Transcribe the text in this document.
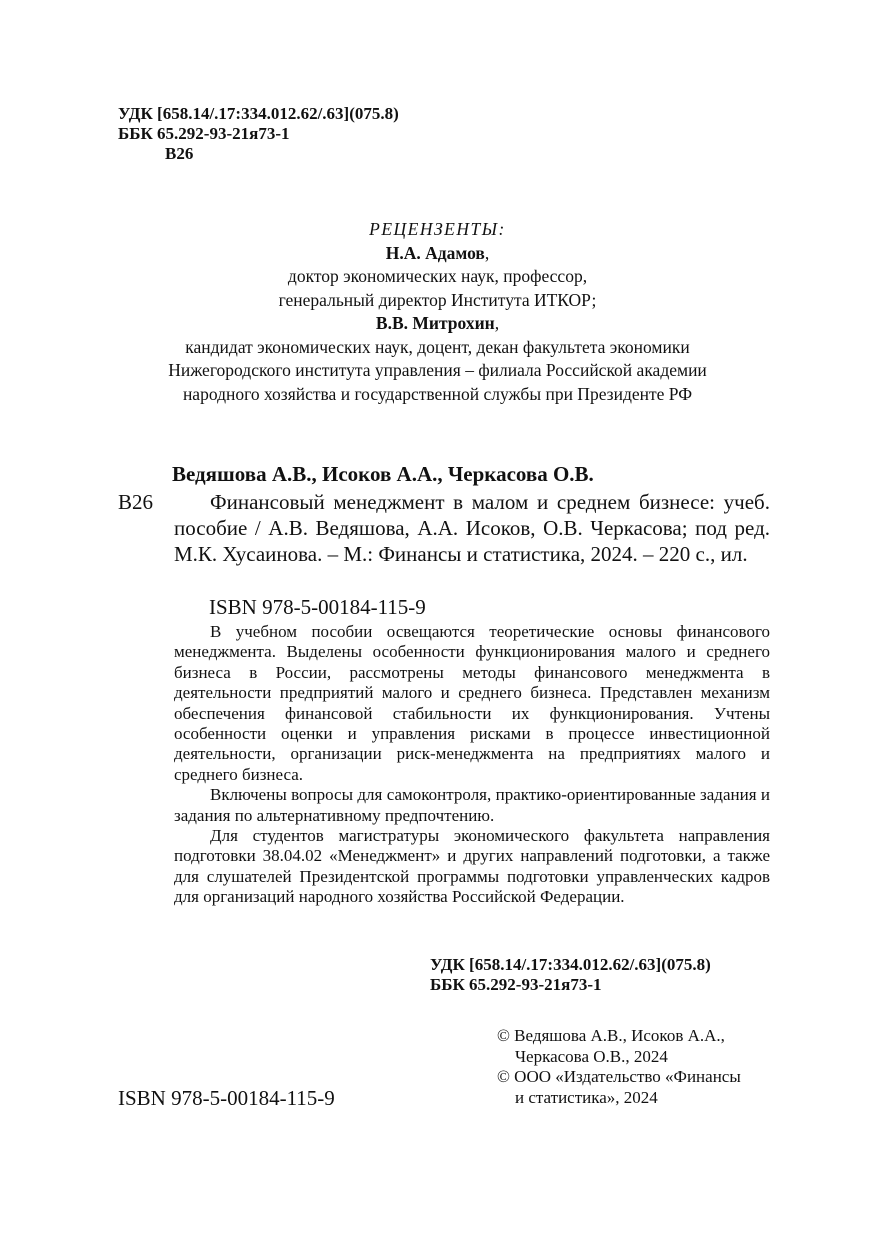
УДК [658.14/.17:334.012.62/.63](075.8)
ББК 65.292-93-21я73-1
В26
РЕЦЕНЗЕНТЫ:
Н.А. Адамов,
доктор экономических наук, профессор,
генеральный директор Института ИТКОР;
В.В. Митрохин,
кандидат экономических наук, доцент, декан факультета экономики
Нижегородского института управления – филиала Российской академии
народного хозяйства и государственной службы при Президенте РФ
Ведяшова А.В., Исоков А.А., Черкасова О.В.
В26	Финансовый менеджмент в малом и среднем бизнесе: учеб. пособие / А.В. Ведяшова, А.А. Исоков, О.В. Черкасова; под ред. М.К. Хусаинова. – М.: Финансы и статистика, 2024. – 220 с., ил.
ISBN 978-5-00184-115-9

В учебном пособии освещаются теоретические основы финансового менеджмента. Выделены особенности функционирования малого и среднего бизнеса в России, рассмотрены методы финансового менеджмента в деятельности предприятий малого и среднего бизнеса. Представлен механизм обеспечения финансовой стабильности их функционирования. Учтены особенности оценки и управления рисками в процессе инвестиционной деятельности, организации риск-менеджмента на предприятиях малого и среднего бизнеса.

Включены вопросы для самоконтроля, практико-ориентированные задания и задания по альтернативному предпочтению.

Для студентов магистратуры экономического факультета направления подготовки 38.04.02 «Менеджмент» и других направлений подготовки, а также для слушателей Президентской программы подготовки управленческих кадров для организаций народного хозяйства Российской Федерации.

УДК [658.14/.17:334.012.62/.63](075.8)
ББК 65.292-93-21я73-1
© Ведяшова А.В., Исоков А.А.,
Черкасова О.В., 2024
© ООО «Издательство «Финансы
и статистика», 2024
ISBN 978-5-00184-115-9
